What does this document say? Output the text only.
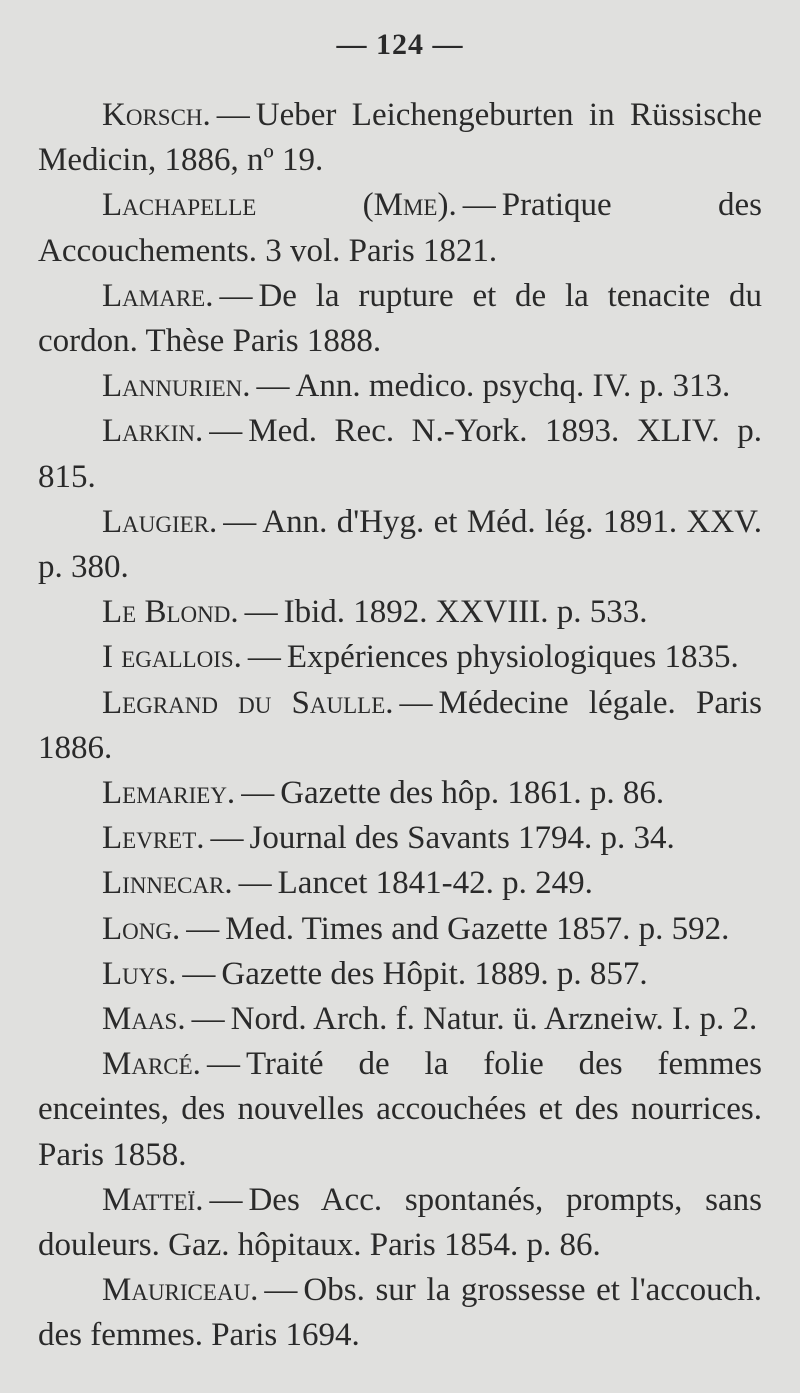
— 124 —

Korsch. — Ueber Leichengeburten in Rüssische Medicin, 1886, nº 19.

Lachapelle (Mme). — Pratique des Accouchements. 3 vol. Paris 1821.

Lamare. — De la rupture et de la tenacite du cordon. Thèse Paris 1888.

Lannurien. — Ann. medico. psychq. IV. p. 313.

Larkin. — Med. Rec. N.-York. 1893. XLIV. p. 815.

Laugier. — Ann. d'Hyg. et Méd. lég. 1891. XXV. p. 380.

Le Blond. — Ibid. 1892. XXVIII. p. 533.

I egallois. — Expériences physiologiques 1835.

Legrand du Saulle. — Médecine légale. Paris 1886.

Lemariey. — Gazette des hôp. 1861. p. 86.

Levret. — Journal des Savants 1794. p. 34.

Linnecar. — Lancet 1841-42. p. 249.

Long. — Med. Times and Gazette 1857. p. 592.

Luys. — Gazette des Hôpit. 1889. p. 857.

Maas. — Nord. Arch. f. Natur. ü. Arzneiw. I. p. 2.

Marcé. — Traité de la folie des femmes enceintes, des nouvelles accouchées et des nourrices. Paris 1858.

Matteï. — Des Acc. spontanés, prompts, sans douleurs. Gaz. hôpitaux. Paris 1854. p. 86.

Mauriceau. — Obs. sur la grossesse et l'accouch. des femmes. Paris 1694.
